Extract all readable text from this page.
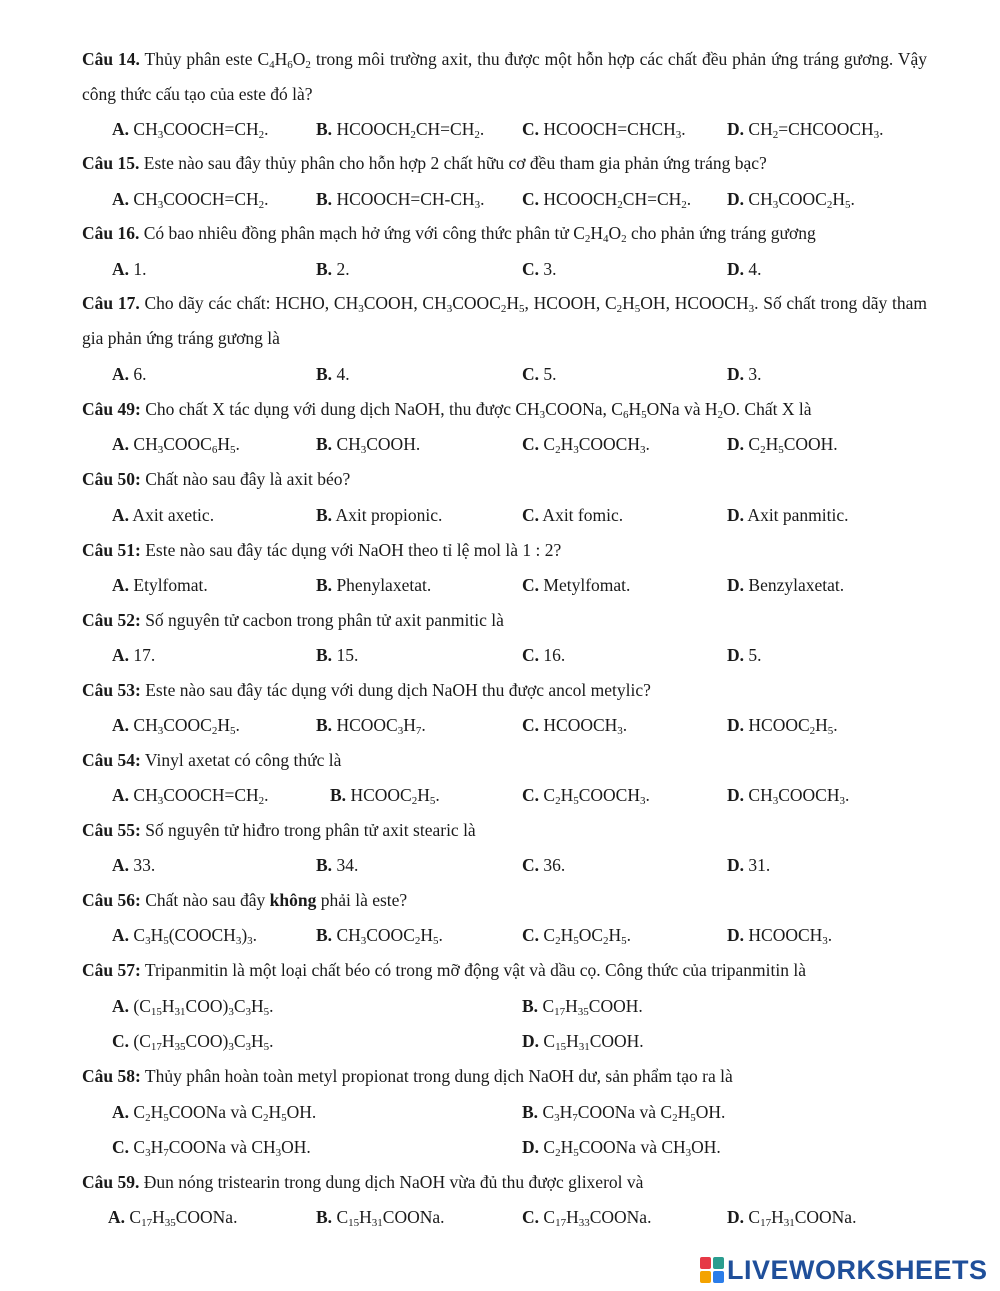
Câu 14. Thủy phân este $C_4H_6O_2$ trong môi trường axit, thu được một hỗn hợp các chất đều phản ứng tráng gương. Vậy công thức cấu tạo của este đó là?
A. $CH_3COOCH=CH_2$.	B. $HCOOCH_2CH=CH_2$. C. $HCOOCH=CHCH_3$. D. $CH_2=CHCOOCH_3$.
Câu 15. Este nào sau đây thủy phân cho hỗn hợp 2 chất hữu cơ đều tham gia phản ứng tráng bạc?
A. $CH_3COOCH=CH_2$.	B. $HCOOCH=CH-CH_3$. C. $HCOOCH_2CH=CH_2$. D. $CH_3COOC_2H_5$.
Câu 16. Có bao nhiêu đồng phân mạch hở ứng với công thức phân tử $C_2H_4O_2$ cho phản ứng tráng gương
A. 1.	B. 2.	C. 3.	D. 4.
Câu 17. Cho dãy các chất: HCHO, $CH_3COOH$, $CH_3COOC_2H_5$, HCOOH, $C_2H_5OH$, $HCOOCH_3$. Số chất trong dãy tham gia phản ứng tráng gương là
A. 6.	B. 4.	C. 5.	D. 3.
Câu 49: Cho chất X tác dụng với dung dịch NaOH, thu được $CH_3COONa$, $C_6H_5ONa$ và $H_2O$. Chất X là
A. $CH_3COOC_6H_5$.	B. $CH_3COOH$.	C. $C_2H_3COOCH_3$.	D. $C_2H_5COOH$.
Câu 50: Chất nào sau đây là axit béo?
A. Axit axetic.	B. Axit propionic.	C. Axit fomic.	D. Axit panmitic.
Câu 51: Este nào sau đây tác dụng với NaOH theo tỉ lệ mol là 1 : 2?
A. Etylfomat.	B. Phenylaxetat.	C. Metylfomat.	D. Benzylaxetat.
Câu 52: Số nguyên tử cacbon trong phân tử axit panmitic là
A. 17.	B. 15.	C. 16.	D. 5.
Câu 53: Este nào sau đây tác dụng với dung dịch NaOH thu được ancol metylic?
A. $CH_3COOC_2H_5$.	B. $HCOOC_3H_7$.	C. $HCOOCH_3$.	D. $HCOOC_2H_5$.
Câu 54: Vinyl axetat có công thức là
A. $CH_3COOCH=CH_2$.	B. $HCOOC_2H_5$.	C. $C_2H_5COOCH_3$.	D. $CH_3COOCH_3$.
Câu 55: Số nguyên tử hiđro trong phân tử axit stearic là
A. 33.	B. 34.	C. 36.	D. 31.
Câu 56: Chất nào sau đây không phải là este?
A. $C_3H_5(COOCH_3)_3$.	B. $CH_3COOC_2H_5$.	C. $C_2H_5OC_2H_5$.	D. $HCOOCH_3$.
Câu 57: Tripanmitin là một loại chất béo có trong mỡ động vật và dầu cọ. Công thức của tripanmitin là
A. $(C_{15}H_{31}COO)_3C_3H_5$.	B. $C_{17}H_{35}COOH$.
C. $(C_{17}H_{35}COO)_3C_3H_5$.	D. $C_{15}H_{31}COOH$.
Câu 58: Thủy phân hoàn toàn metyl propionat trong dung dịch NaOH dư, sản phẩm tạo ra là
A. $C_2H_5COONa$ và $C_2H_5OH$.	B. $C_3H_7COONa$ và $C_2H_5OH$.
C. $C_3H_7COONa$ và $CH_3OH$.	D. $C_2H_5COONa$ và $CH_3OH$.
Câu 59. Đun nóng tristearin trong dung dịch NaOH vừa đủ thu được glixerol và
A. $C_{17}H_{35}COONa$.	B. $C_{15}H_{31}COONa$.	C. $C_{17}H_{33}COONa$.	D. $C_{17}H_{31}COONa$.
LIVEWORKSHEETS
